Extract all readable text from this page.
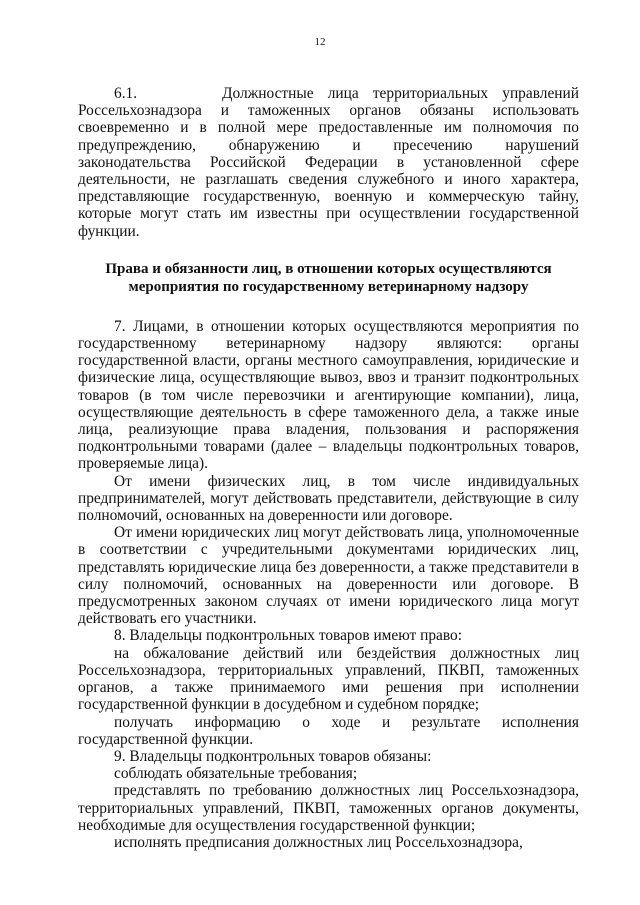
12

6.1.      Должностные лица территориальных управлений Россельхознадзора и таможенных органов обязаны использовать своевременно и в полной мере предоставленные им полномочия по предупреждению, обнаружению и пресечению нарушений законодательства Российской Федерации в установленной сфере деятельности, не разглашать сведения служебного и иного характера, представляющие государственную, военную и коммерческую тайну, которые могут стать им известны при осуществлении государственной функции.

Права и обязанности лиц, в отношении которых осуществляются
мероприятия по государственному ветеринарному надзору

7. Лицами, в отношении которых осуществляются мероприятия по государственному ветеринарному надзору являются: органы государственной власти, органы местного самоуправления, юридические и физические лица, осуществляющие вывоз, ввоз и транзит подконтрольных товаров (в том числе перевозчики и агентирующие компании), лица, осуществляющие деятельность в сфере таможенного дела, а также иные лица, реализующие права владения, пользования и распоряжения подконтрольными товарами (далее – владельцы подконтрольных товаров, проверяемые лица).

От имени физических лиц, в том числе индивидуальных предпринимателей, могут действовать представители, действующие в силу полномочий, основанных на доверенности или договоре.

От имени юридических лиц могут действовать лица, уполномоченные в соответствии с учредительными документами юридических лиц, представлять юридические лица без доверенности, а также представители в силу полномочий, основанных на доверенности или договоре. В предусмотренных законом случаях от имени юридического лица могут действовать его участники.

8. Владельцы подконтрольных товаров имеют право:

на обжалование действий или бездействия должностных лиц Россельхознадзора, территориальных управлений, ПКВП, таможенных органов, а также принимаемого ими решения при исполнении государственной функции в досудебном и судебном порядке;

получать информацию о ходе и результате исполнения государственной функции.

9. Владельцы подконтрольных товаров обязаны:

соблюдать обязательные требования;

представлять по требованию должностных лиц Россельхознадзора, территориальных управлений, ПКВП, таможенных органов документы, необходимые для осуществления государственной функции;

исполнять предписания должностных лиц Россельхознадзора,
